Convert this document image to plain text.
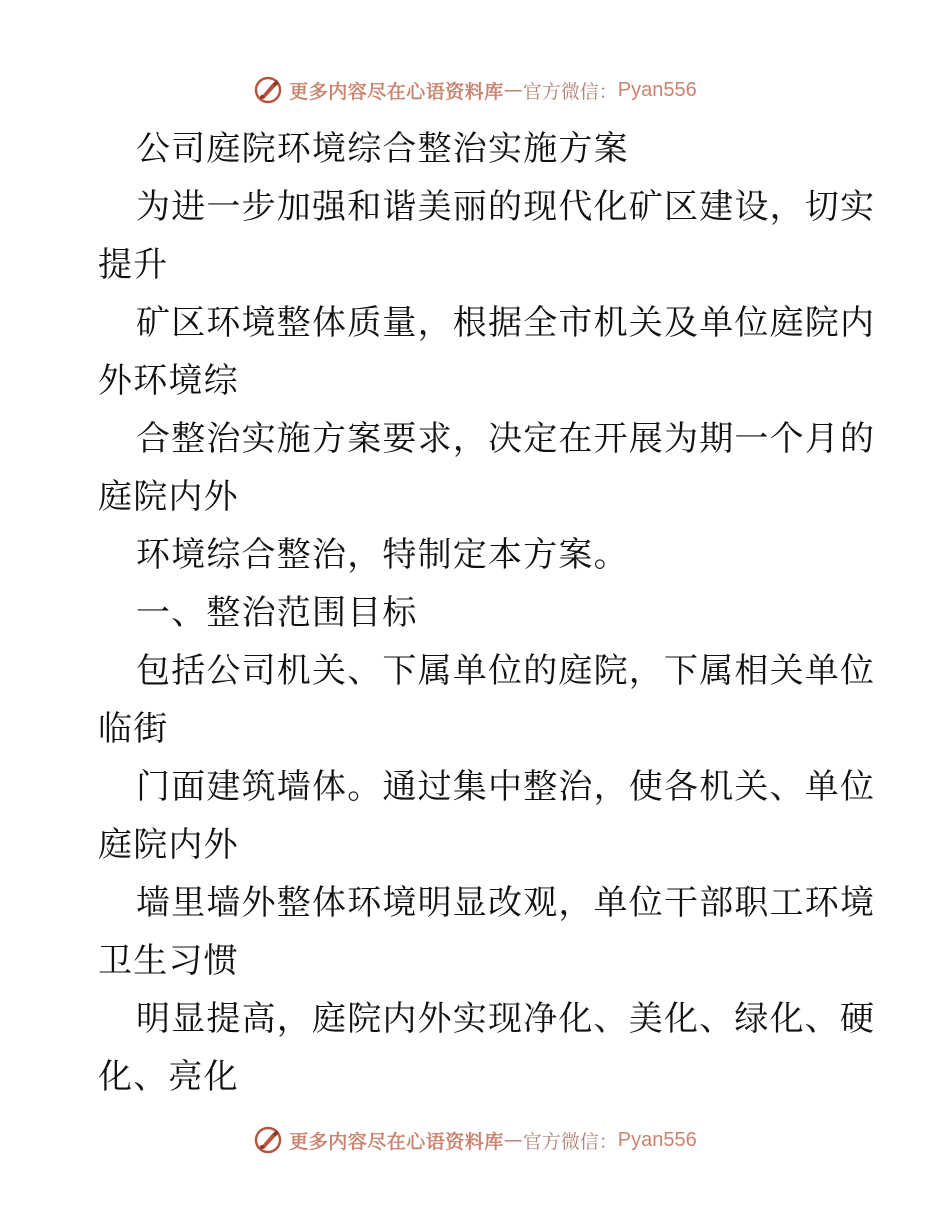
更多内容尽在心语资料库 — 官方微信： Pyan556
公司庭院环境综合整治实施方案
为进一步加强和谐美丽的现代化矿区建设，切实
提升
矿区环境整体质量，根据全市机关及单位庭院内
外环境综
合整治实施方案要求，决定在开展为期一个月的
庭院内外
环境综合整治，特制定本方案。
一、整治范围目标
包括公司机关、下属单位的庭院，下属相关单位
临街
门面建筑墙体。通过集中整治，使各机关、单位
庭院内外
墙里墙外整体环境明显改观，单位干部职工环境
卫生习惯
明显提高，庭院内外实现净化、美化、绿化、硬
化、亮化
更多内容尽在心语资料库 — 官方微信： Pyan556
